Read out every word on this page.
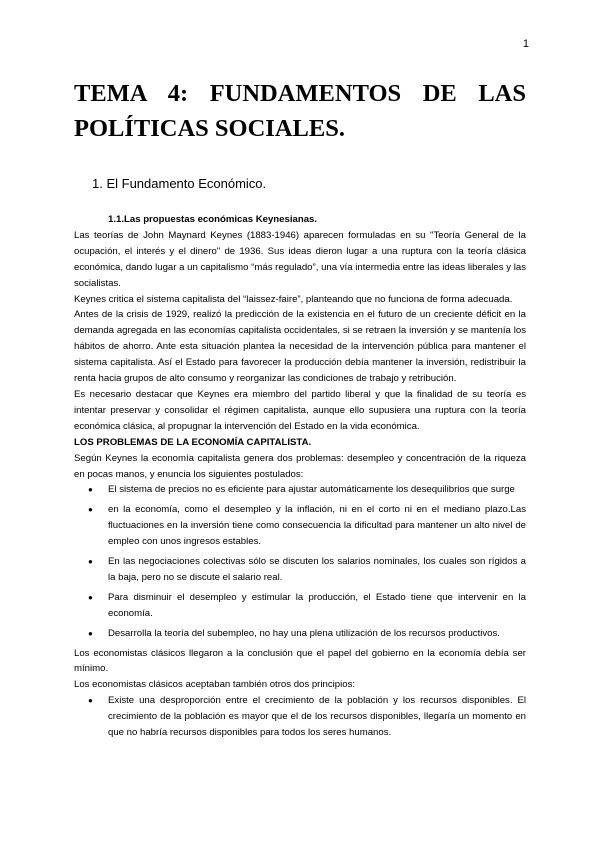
1
TEMA 4: FUNDAMENTOS DE LAS
POLÍTICAS SOCIALES.
1. El Fundamento Económico.

1.1.Las propuestas económicas Keynesianas.

Las teorías de John Maynard Keynes (1883-1946) aparecen formuladas en su "Teoría General de la ocupación, el interés y el dinero" de 1936. Sus ideas dieron lugar a una ruptura con la teoría clásica económica, dando lugar a un capitalismo “más regulado”, una vía intermedia entre las ideas liberales y las socialistas.

Keynes critica el sistema capitalista del “laissez-faire”, planteando que no funciona de forma adecuada.

Antes de la crisis de 1929, realizó la predicción de la existencia en el futuro de un creciente déficit en la demanda agregada en las economías capitalista occidentales, si se retraen la inversión y se mantenía los hábitos de ahorro. Ante esta situación plantea la necesidad de la intervención pública para mantener el sistema capitalista. Así el Estado para favorecer la producción debía mantener la inversión, redistribuir la renta hacia grupos de alto consumo y reorganizar las condiciones de trabajo y retribución.

Es necesario destacar que Keynes era miembro del partido liberal y que la finalidad de su teoría es intentar preservar y consolidar el régimen capitalista, aunque ello supusiera una ruptura con la teoría económica clásica, al propugnar la intervención del Estado en la vida económica.

LOS PROBLEMAS DE LA ECONOMÍA CAPITALISTA.

Según Keynes la economía capitalista genera dos problemas: desempleo y concentración de la riqueza en pocas manos, y enuncia los siguientes postulados:

● El sistema de precios no es eficiente para ajustar automáticamente los desequilibrios que surge
● en la economía, como el desempleo y la inflación, ni en el corto ni en el mediano plazo.Las fluctuaciones en la inversión tiene como consecuencia la dificultad para mantener un alto nivel de empleo con unos ingresos estables.
● En las negociaciones colectivas sólo se discuten los salarios nominales, los cuales son rígidos a la baja, pero no se discute el salario real.
● Para disminuir el desempleo y estimular la producción, el Estado tiene que intervenir en la economía.
● Desarrolla la teoría del subempleo, no hay una plena utilización de los recursos productivos.

Los economistas clásicos llegaron a la conclusión que el papel del gobierno en la economía debía ser mínimo.

Los economistas clásicos aceptaban también otros dos principios:

● Existe una desproporción entre el crecimiento de la población y los recursos disponibles. El crecimiento de la población es mayor que el de los recursos disponibles, llegaría un momento en que no habría recursos disponibles para todos los seres humanos.
